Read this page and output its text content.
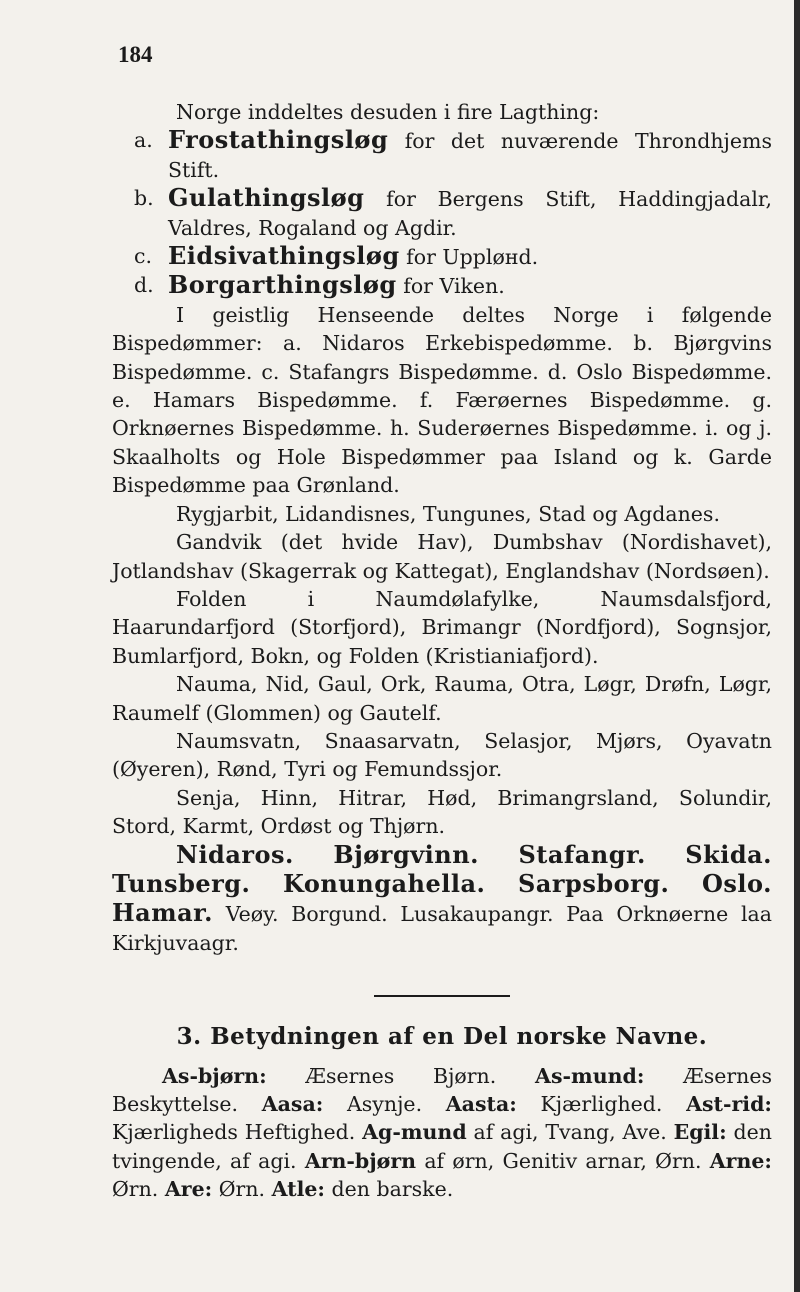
184

Norge inddeltes desuden i fire Lagthing:

a. Frostathingsløg for det nuværende Throndhjems Stift.
b. Gulathingsløg for Bergens Stift, Haddingjadalr, Valdres, Rogaland og Agdir.
c. Eidsivathingsløg for Uppløнd.
d. Borgarthingsløg for Viken.

I geistlig Henseende deltes Norge i følgende Bispedømmer: a. Nidaros Erkebispedømme. b. Bjørgvins Bispedømme. c. Stafangrs Bispedømme. d. Oslo Bispedømme. e. Hamars Bispedømme. f. Færøernes Bispedømme. g. Orknøernes Bispedømme. h. Suderøernes Bispedømme. i. og j. Skaalholts og Hole Bispedømmer paa Island og k. Garde Bispedømme paa Grønland.

Rygjarbit, Lidandisnes, Tungunes, Stad og Agdanes.

Gandvik (det hvide Hav), Dumbshav (Nordishavet), Jotlandshav (Skagerrak og Kattegat), Englandshav (Nordsøen).

Folden i Naumdølafylke, Naumsdalsfjord, Haarundarfjord (Storfjord), Brimangr (Nordfjord), Sognsjor, Bumlarfjord, Bokn, og Folden (Kristianiafjord).

Nauma, Nid, Gaul, Ork, Rauma, Otra, Løgr, Drøfn, Løgr, Raumelf (Glommen) og Gautelf.

Naumsvatn, Snaasarvatn, Selasjor, Mjørs, Oyavatn (Øyeren), Rønd, Tyri og Femundssjor.

Senja, Hinn, Hitrar, Hød, Brimangrsland, Solundir, Stord, Karmt, Ordøst og Thjørn.

Nidaros. Bjørgvinn. Stafangr. Skida. Tunsberg. Konungahella. Sarpsborg. Oslo. Hamar. Veøy. Borgund. Lusakaupangr. Paa Orknøerne laa Kirkjuvaagr.

3. Betydningen af en Del norske Navne.

As-bjørn: Æsernes Bjørn. As-mund: Æsernes Beskyttelse. Aasa: Asynje. Aasta: Kjærlighed. Ast-rid: Kjærligheds Heftighed. Ag-mund af agi, Tvang, Ave. Egil: den tvingende, af agi. Arn-bjørn af ørn, Genitiv arnar, Ørn. Arne: Ørn. Are: Ørn. Atle: den barske.
